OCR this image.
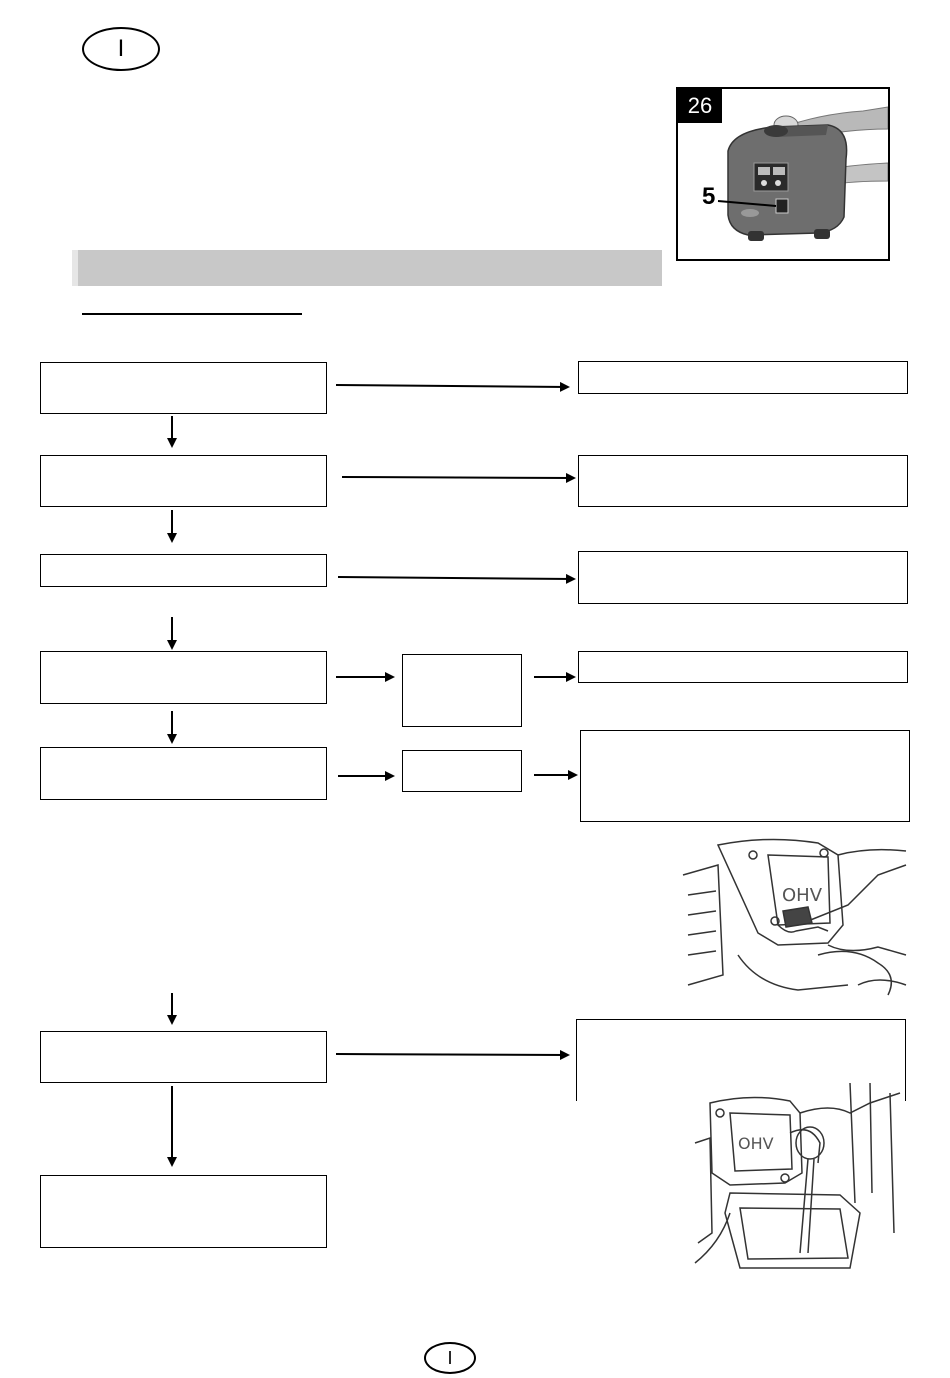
I
26
5
OHV
OHV
I
